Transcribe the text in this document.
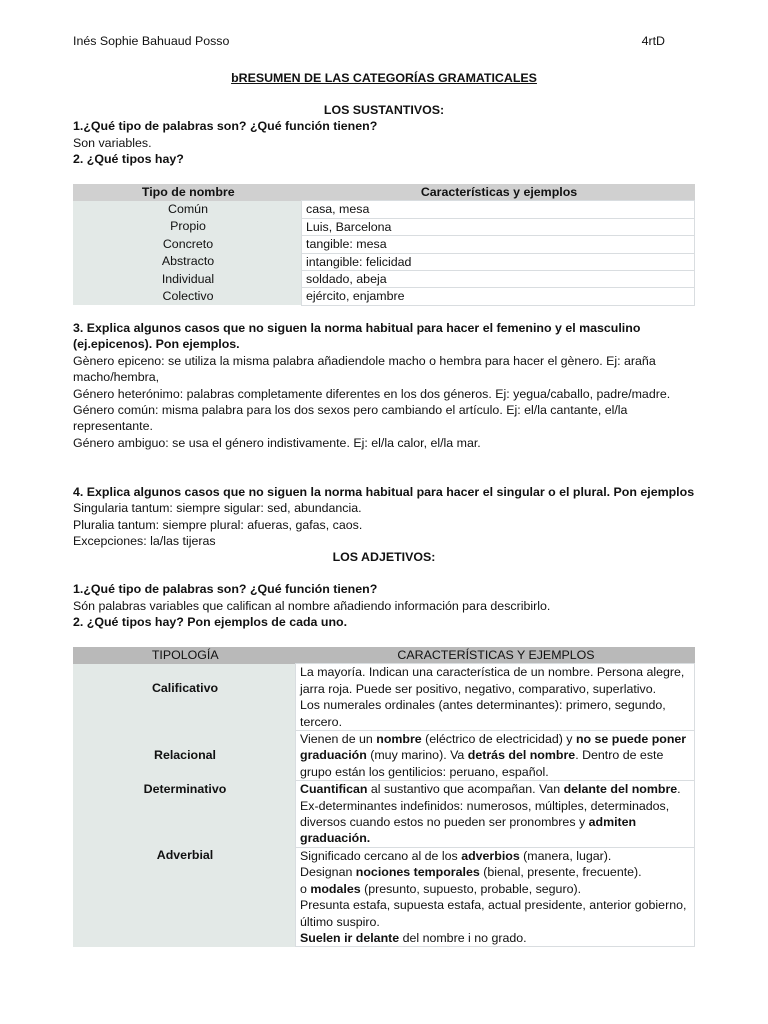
Inés Sophie Bahuaud Posso	4rtD
bRESUMEN DE LAS CATEGORÍAS GRAMATICALES
LOS SUSTANTIVOS:
1.¿Qué tipo de palabras son? ¿Qué función tienen?
Son variables.
2. ¿Qué tipos hay?
Tipo de nombre	Características y ejemplos
Común	casa, mesa
Propio	Luis, Barcelona
Concreto	tangible: mesa
Abstracto	intangible: felicidad
Individual	soldado, abeja
Colectivo	ejército, enjambre
3. Explica algunos casos que no siguen la norma habitual para hacer el femenino y el masculino (ej.epicenos). Pon ejemplos.
Gènero epiceno: se utiliza la misma palabra añadiendole macho o hembra para hacer el gènero. Ej: araña macho/hembra,
Género heterónimo: palabras completamente diferentes en los dos géneros. Ej: yegua/caballo, padre/madre.
Género común: misma palabra para los dos sexos pero cambiando el artículo. Ej: el/la cantante, el/la representante.
Género ambiguo: se usa el género indistivamente. Ej: el/la calor, el/la mar.
4. Explica algunos casos que no siguen la norma habitual para hacer el singular o el plural. Pon ejemplos
Singularia tantum: siempre sigular: sed, abundancia.
Pluralia tantum: siempre plural: afueras, gafas, caos.
Excepciones: la/las tijeras
LOS ADJETIVOS:
1.¿Qué tipo de palabras son? ¿Qué función tienen?
Són palabras variables que califican al nombre añadiendo información para describirlo.
2. ¿Qué tipos hay? Pon ejemplos de cada uno.
TIPOLOGÍA	CARACTERÍSTICAS Y EJEMPLOS
Calificativo	La mayoría. Indican una característica de un nombre. Persona alegre, jarra roja. Puede ser positivo, negativo, comparativo, superlativo.
Los numerales ordinales (antes determinantes): primero, segundo, tercero.

Relacional	Vienen de un nombre (eléctrico de electricidad) y no se puede poner graduación (muy marino). Va detrás del nombre. Dentro de este grupo están los gentilicios: peruano, español.
Determinativo	Cuantifican al sustantivo que acompañan. Van delante del nombre.
Ex-determinantes indefinidos: numerosos, múltiples, determinados, diversos cuando estos no pueden ser pronombres y admiten graduación.

Adverbial	Significado cercano al de los adverbios (manera, lugar).
Designan nociones temporales (bienal, presente, frecuente).
o modales (presunto, supuesto, probable, seguro).
Presunta estafa, supuesta estafa, actual presidente, anterior gobierno, último suspiro.
Suelen ir delante del nombre i no grado.
